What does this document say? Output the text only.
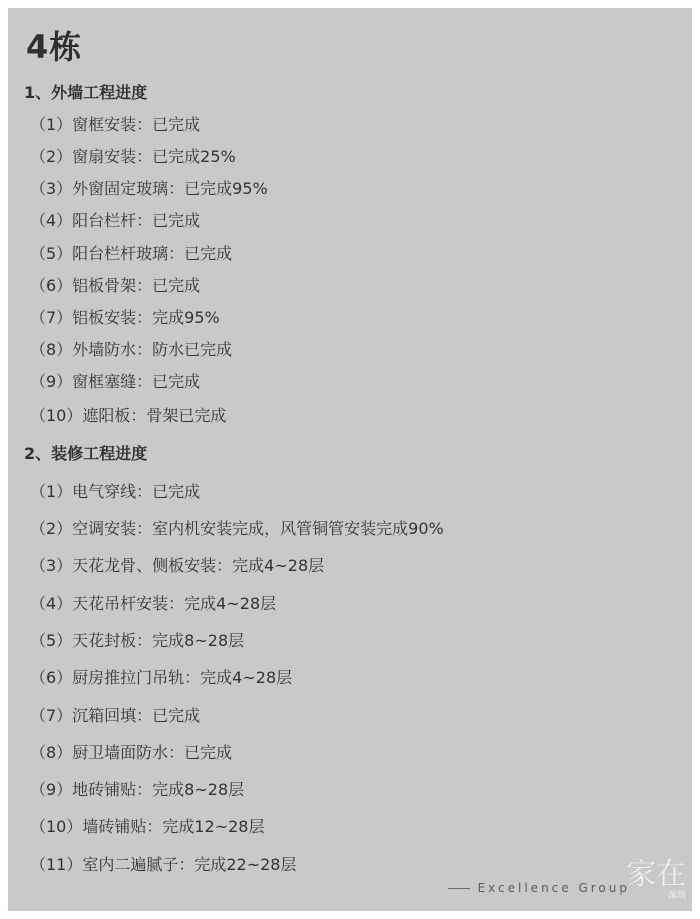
4栋
1、外墙工程进度
（1）窗框安装：已完成
（2）窗扇安装：已完成25%
（3）外窗固定玻璃：已完成95%
（4）阳台栏杆：已完成
（5）阳台栏杆玻璃：已完成
（6）铝板骨架：已完成
（7）铝板安装：完成95%
（8）外墙防水：防水已完成
（9）窗框塞缝：已完成
（10）遮阳板：骨架已完成
2、装修工程进度
（1）电气穿线：已完成
（2）空调安装：室内机安装完成，风管铜管安装完成90%
（3）天花龙骨、侧板安装：完成4~28层
（4）天花吊杆安装：完成4~28层
（5）天花封板：完成8~28层
（6）厨房推拉门吊轨：完成4~28层
（7）沉箱回填：已完成
（8）厨卫墙面防水：已完成
（9）地砖铺贴：完成8~28层
（10）墙砖铺贴：完成12~28层
（11）室内二遍腻子：完成22~28层
Excellence Group
家在
深圳
